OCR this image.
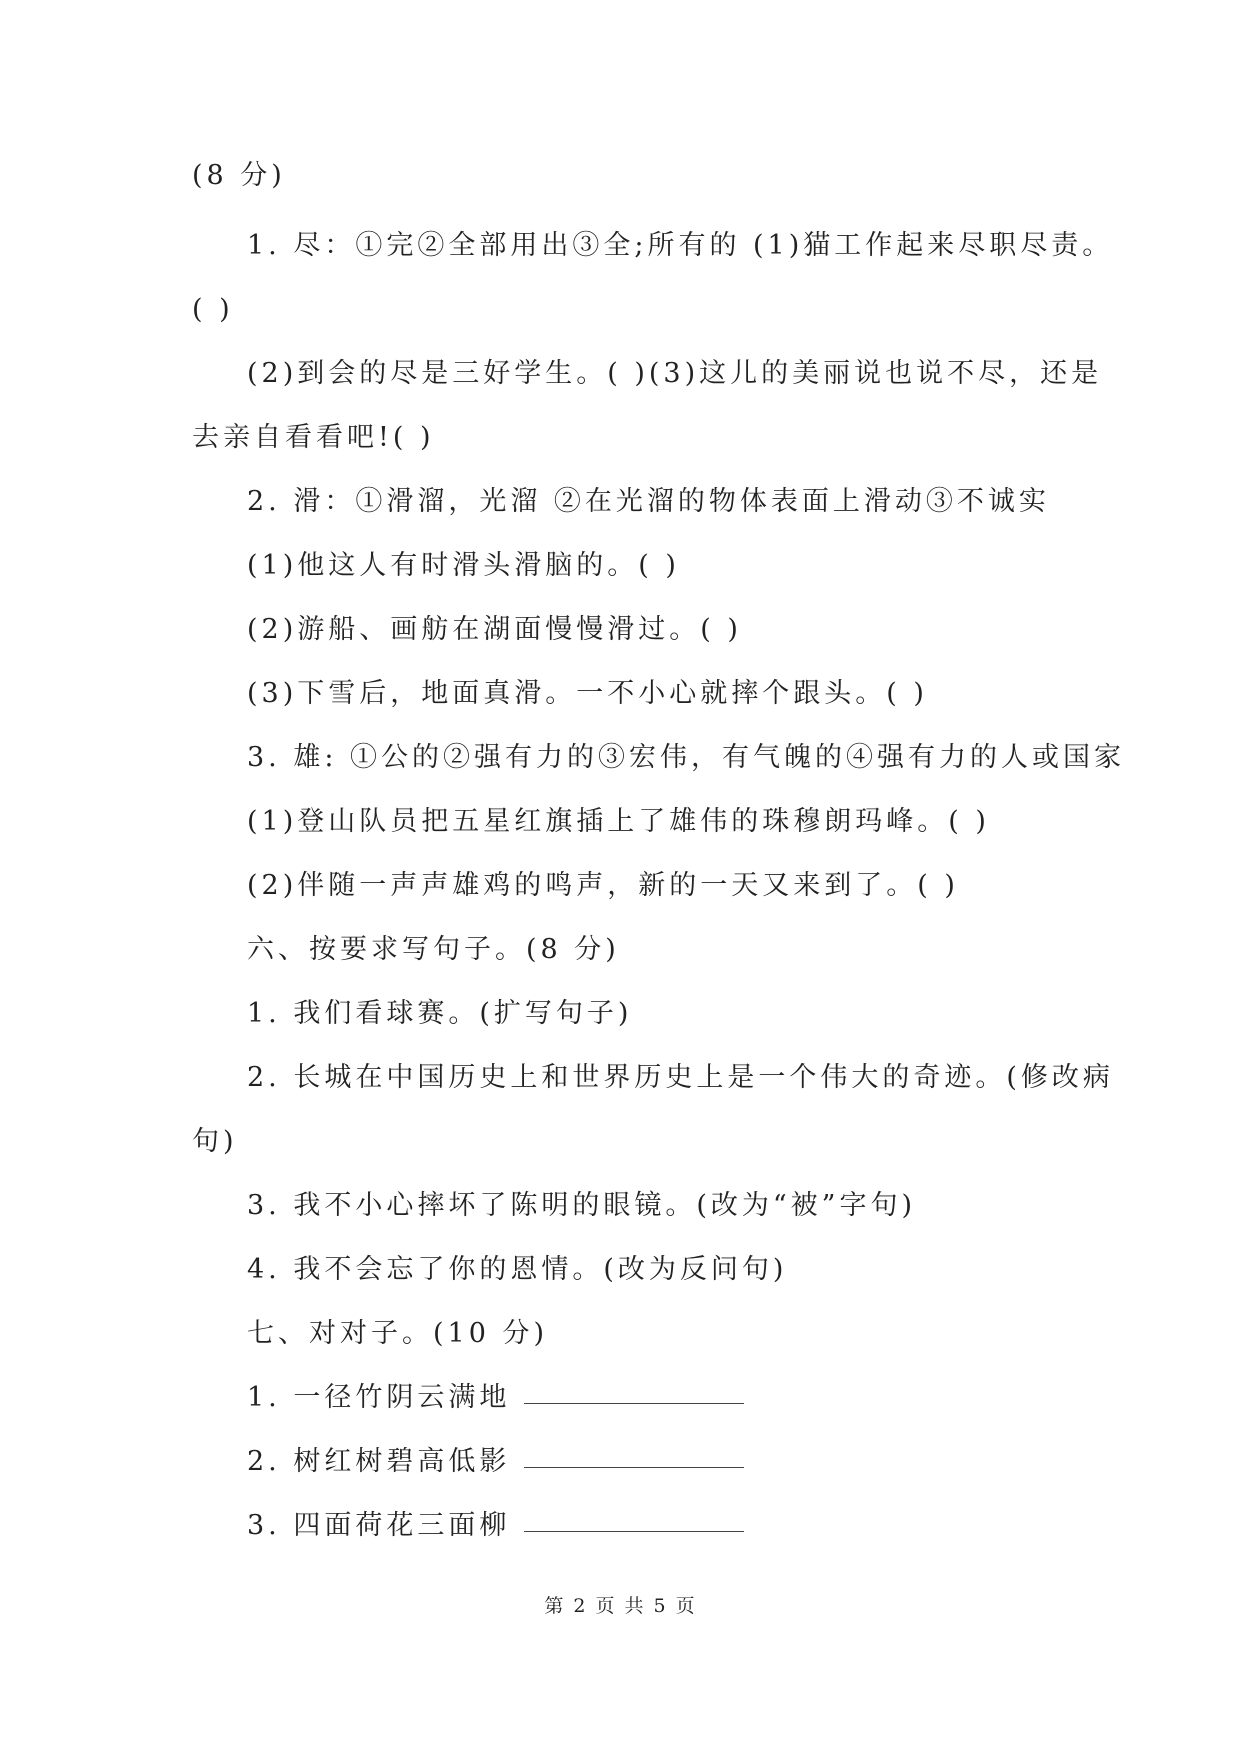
(8 分)
1. 尽：①完②全部用出③全;所有的 (1)猫工作起来尽职尽责。
( )
(2)到会的尽是三好学生。( )(3)这儿的美丽说也说不尽，还是
去亲自看看吧!( )
2. 滑：①滑溜，光溜 ②在光溜的物体表面上滑动③不诚实
(1)他这人有时滑头滑脑的。( )
(2)游船、画舫在湖面慢慢滑过。( )
(3)下雪后，地面真滑。一不小心就摔个跟头。( )
3. 雄: ①公的②强有力的③宏伟，有气魄的④强有力的人或国家
(1)登山队员把五星红旗插上了雄伟的珠穆朗玛峰。( )
(2)伴随一声声雄鸡的鸣声，新的一天又来到了。( )
六、按要求写句子。(8 分)
1. 我们看球赛。(扩写句子)
2. 长城在中国历史上和世界历史上是一个伟大的奇迹。(修改病
句)
3. 我不小心摔坏了陈明的眼镜。(改为“被”字句)
4. 我不会忘了你的恩情。(改为反问句)
七、对对子。(10 分)
1. 一径竹阴云满地
2. 树红树碧高低影
3. 四面荷花三面柳
第 2 页 共 5 页
